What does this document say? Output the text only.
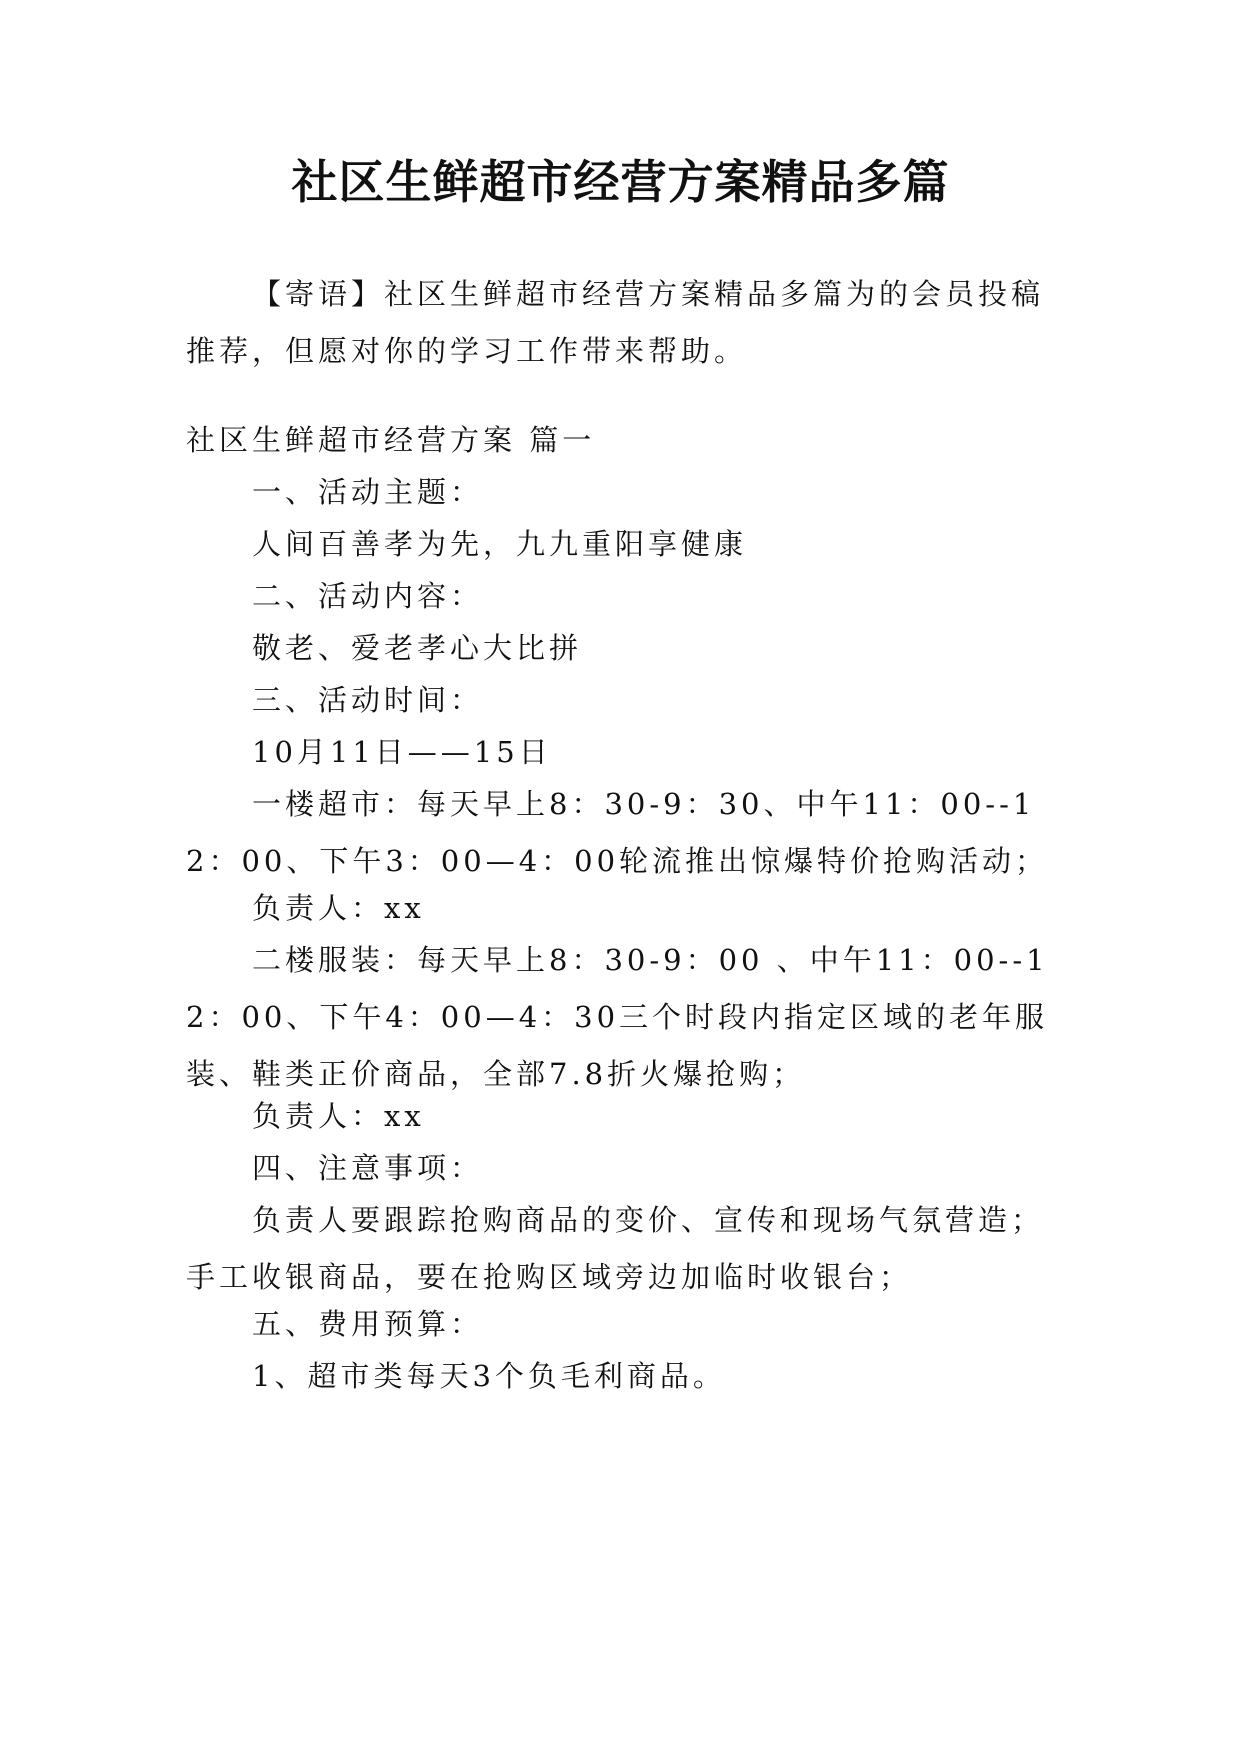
社区生鲜超市经营方案精品多篇

【寄语】社区生鲜超市经营方案精品多篇为的会员投稿推荐，但愿对你的学习工作带来帮助。

社区生鲜超市经营方案 篇一

一、活动主题：

人间百善孝为先，九九重阳享健康

二、活动内容：

敬老、爱老孝心大比拼

三、活动时间：

10月11日——15日

一楼超市：每天早上8：30-9：30、中午11：00--12：00、下午3：00—4：00轮流推出惊爆特价抢购活动；

负责人：xx

二楼服装：每天早上8：30-9：00 、中午11：00--12：00、下午4：00—4：30三个时段内指定区域的老年服装、鞋类正价商品，全部7.8折火爆抢购；

负责人：xx

四、注意事项：

负责人要跟踪抢购商品的变价、宣传和现场气氛营造；手工收银商品，要在抢购区域旁边加临时收银台；

五、费用预算：

1、超市类每天3个负毛利商品。
